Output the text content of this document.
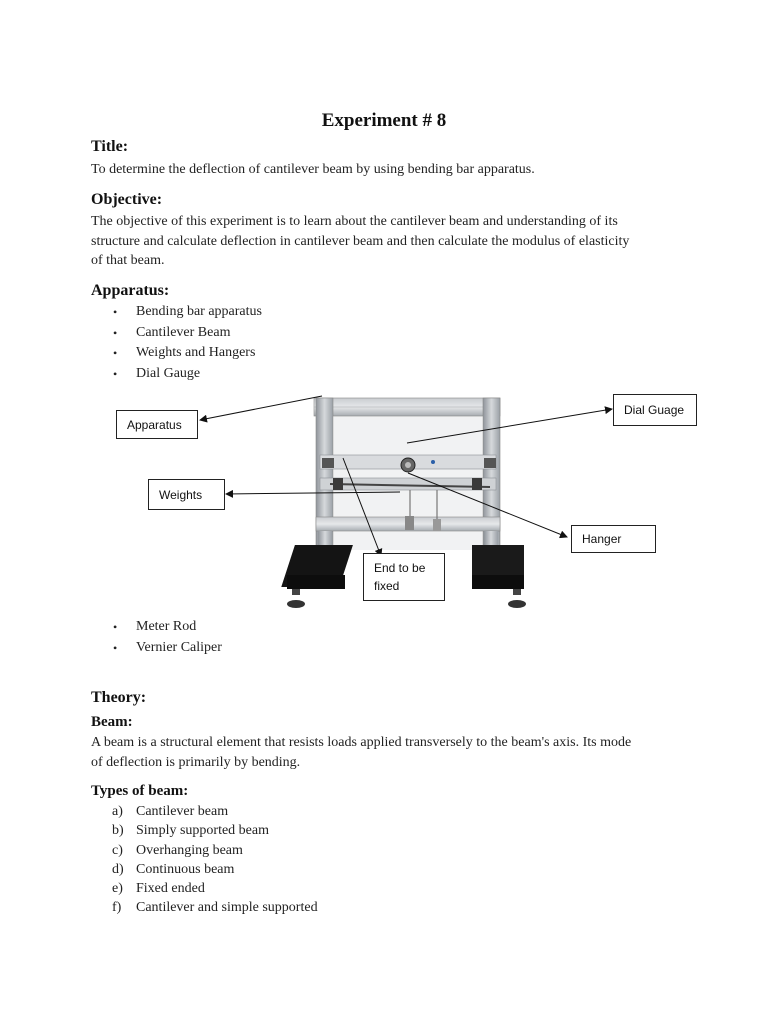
Experiment # 8
Title:
To determine the deflection of cantilever beam by using bending bar apparatus.
Objective:
The objective of this experiment is to learn about the cantilever beam and understanding of its
structure and calculate deflection in cantilever beam and then calculate the modulus of elasticity
of that beam.
Apparatus:
• Bending bar apparatus
• Cantilever Beam
• Weights and Hangers
• Dial Gauge
Apparatus
Dial Guage
Weights
Hanger
End to be
fixed
• Meter Rod
• Vernier Caliper
Theory:
Beam:
A beam is a structural element that resists loads applied transversely to the beam's axis. Its mode
of deflection is primarily by bending.
Types of beam:
a) Cantilever beam
b) Simply supported beam
c) Overhanging beam
d) Continuous beam
e) Fixed ended
f) Cantilever and simple supported
